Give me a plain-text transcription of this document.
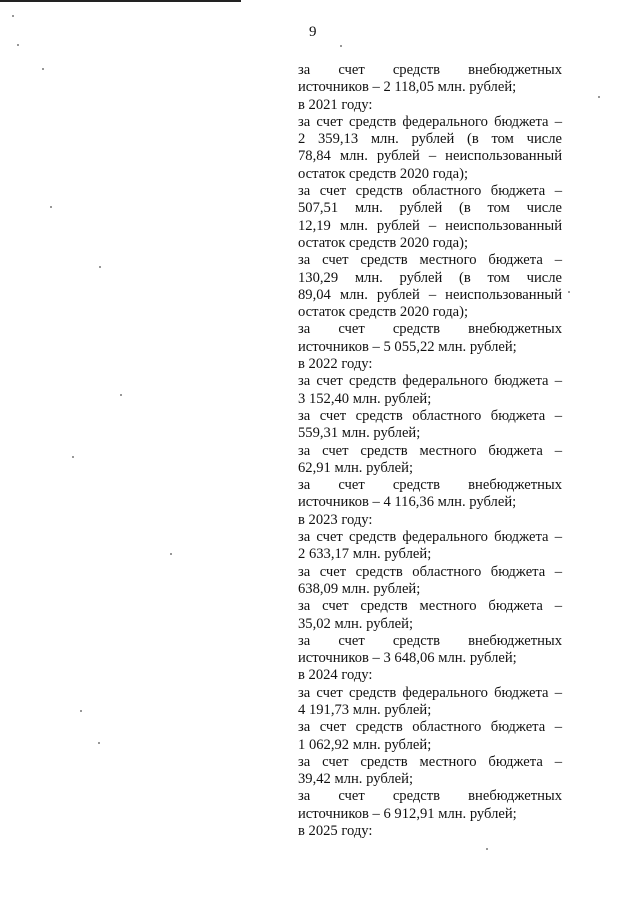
9
за счет средств внебюджетных
источников – 2 118,05 млн. рублей;
в 2021 году:
за счет средств федерального бюджета –
2 359,13 млн. рублей (в том числе
78,84 млн. рублей – неиспользованный
остаток средств 2020 года);
за счет средств областного бюджета –
507,51 млн. рублей (в том числе
12,19 млн. рублей – неиспользованный
остаток средств 2020 года);
за счет средств местного бюджета –
130,29 млн. рублей (в том числе
89,04 млн. рублей – неиспользованный
остаток средств 2020 года);
за счет средств внебюджетных
источников – 5 055,22 млн. рублей;
в 2022 году:
за счет средств федерального бюджета –
3 152,40 млн. рублей;
за счет средств областного бюджета –
559,31 млн. рублей;
за счет средств местного бюджета –
62,91 млн. рублей;
за счет средств внебюджетных
источников – 4 116,36 млн. рублей;
в 2023 году:
за счет средств федерального бюджета –
2 633,17 млн. рублей;
за счет средств областного бюджета –
638,09 млн. рублей;
за счет средств местного бюджета –
35,02 млн. рублей;
за счет средств внебюджетных
источников – 3 648,06 млн. рублей;
в 2024 году:
за счет средств федерального бюджета –
4 191,73 млн. рублей;
за счет средств областного бюджета –
1 062,92 млн. рублей;
за счет средств местного бюджета –
39,42 млн. рублей;
за счет средств внебюджетных
источников – 6 912,91 млн. рублей;
в 2025 году:
